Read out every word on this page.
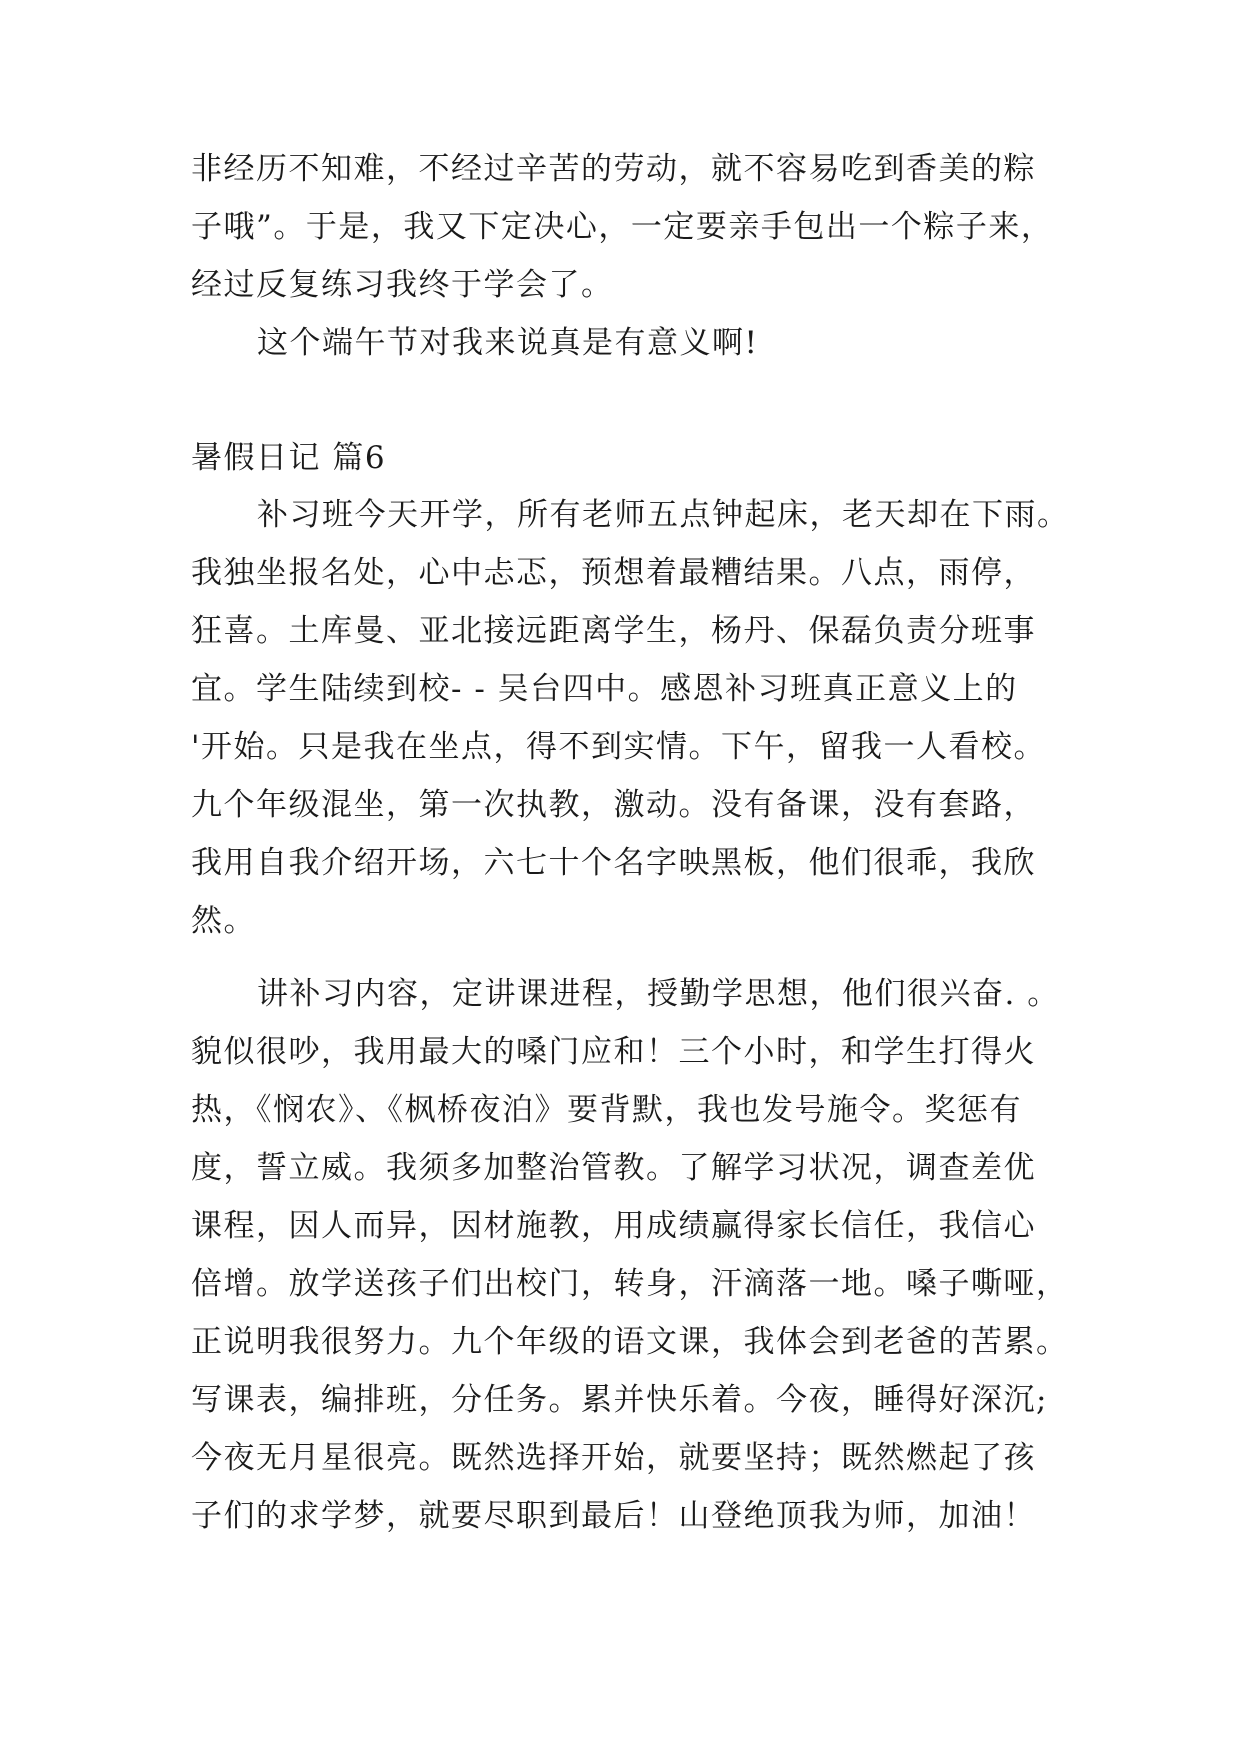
非经历不知难，不经过辛苦的劳动，就不容易吃到香美的粽
子哦”。于是，我又下定决心，一定要亲手包出一个粽子来，
经过反复练习我终于学会了。
这个端午节对我来说真是有意义啊!
暑假日记 篇6
补习班今天开学，所有老师五点钟起床，老天却在下雨。
我独坐报名处，心中忐忑，预想着最糟结果。八点，雨停，
狂喜。土库曼、亚北接远距离学生，杨丹、保磊负责分班事
宜。学生陆续到校- - 吴台四中。感恩补习班真正意义上的
'开始。只是我在坐点，得不到实情。下午，留我一人看校。
九个年级混坐，第一次执教，激动。没有备课，没有套路，
我用自我介绍开场，六七十个名字映黑板，他们很乖，我欣
然。
讲补习内容，定讲课进程，授勤学思想，他们很兴奋. 。
貌似很吵，我用最大的嗓门应和！三个小时，和学生打得火
热，《悯农》、《枫桥夜泊》要背默，我也发号施令。奖惩有
度，誓立威。我须多加整治管教。了解学习状况，调查差优
课程，因人而异，因材施教，用成绩赢得家长信任，我信心
倍增。放学送孩子们出校门，转身，汗滴落一地。嗓子嘶哑，
正说明我很努力。九个年级的语文课，我体会到老爸的苦累。
写课表，编排班，分任务。累并快乐着。今夜，睡得好深沉;
今夜无月星很亮。既然选择开始，就要坚持；既然燃起了孩
子们的求学梦，就要尽职到最后！山登绝顶我为师，加油！
